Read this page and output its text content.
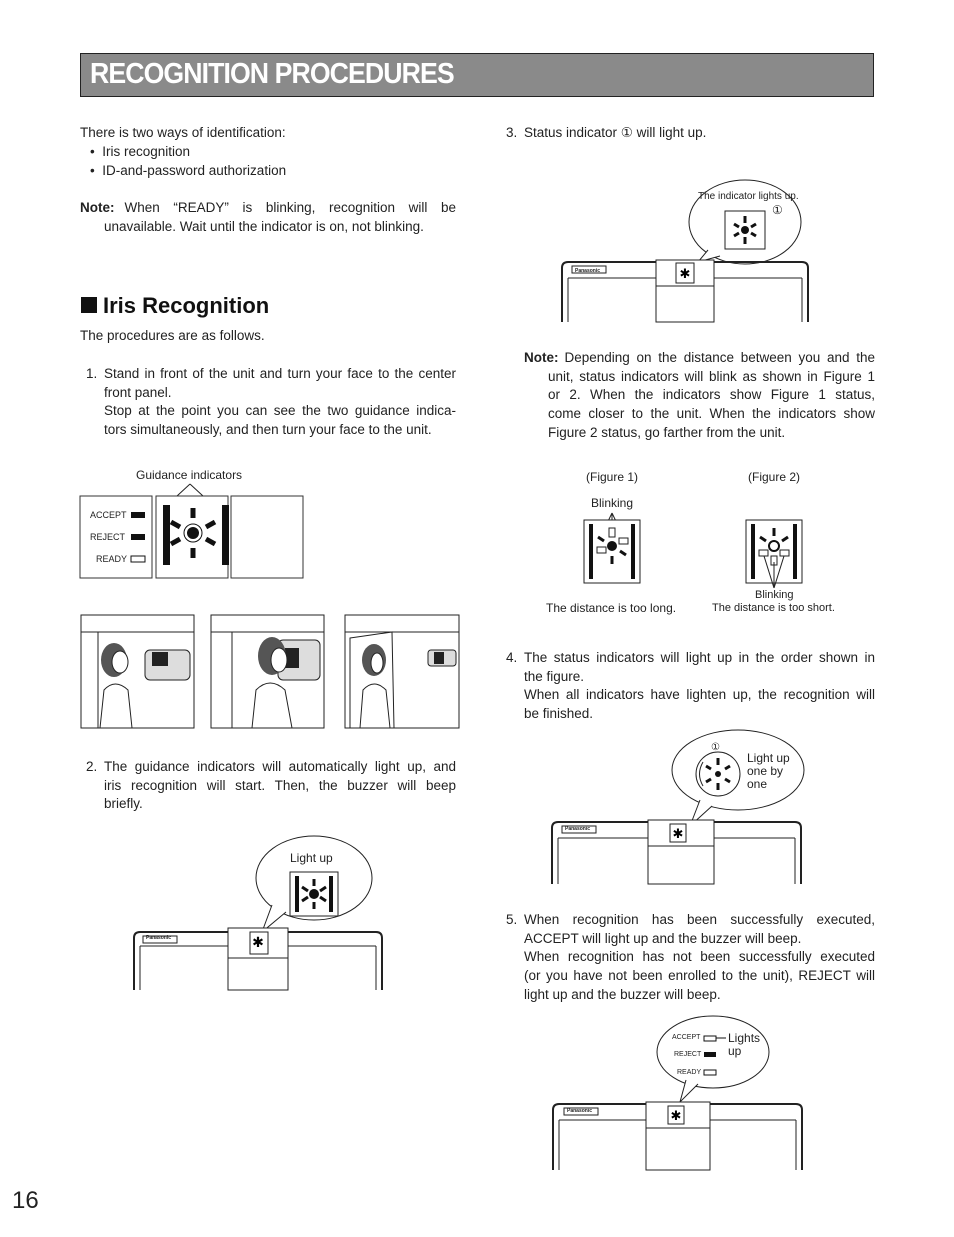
RECOGNITION PROCEDURES
There is two ways of identification:
•  Iris recognition
•  ID-and-password authorization
Note: When “READY” is blinking, recognition will be
unavailable. Wait until the indicator is on, not blinking.
Iris Recognition
The procedures are as follows.
1. Stand in front of the unit and turn your face to the center
front panel.
Stop at the point you can see the two guidance indica-
tors simultaneously, and then turn your face to the unit.
Guidance indicators
ACCEPT
REJECT
READY
2. The guidance indicators will automatically light up, and
iris recognition will start. Then, the buzzer will beep
briefly.
✱
Light up
Panasonic
3. Status indicator ① will light up.
✱
The indicator lights up.
①
Panasonic
Note: Depending on the distance between you and the
unit, status indicators will blink as shown in Figure 1
or 2. When the indicators show Figure 1 status,
come closer to the unit. When the indicators show
Figure 2 status, go farther from the unit.
(Figure 1)	(Figure 2)
Blinking
Blinking
The distance is too long.	The distance is too short.
4. The status indicators will light up in the order shown in
the figure.
When all indicators have lighten up, the recognition will
be finished.
✱
①
Light up
one by
one
Panasonic
5. When recognition has been successfully executed,
ACCEPT will light up and the buzzer will beep.
When recognition has not been successfully executed
(or you have not been enrolled to the unit), REJECT will
light up and the buzzer will beep.
✱
ACCEPT
REJECT
READY
Lights
up
Panasonic
16
